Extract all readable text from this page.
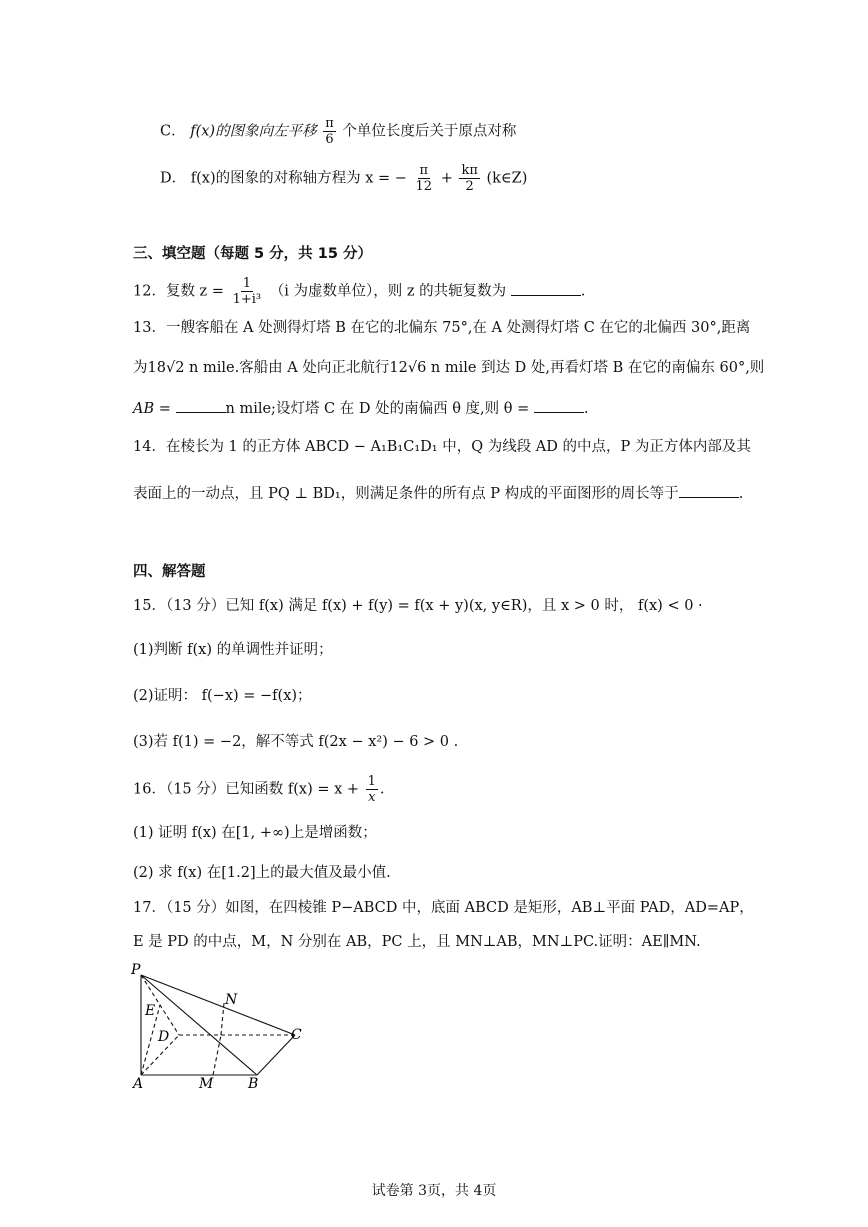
C． f(x)的图象向左平移 $\frac{\pi}{6}$ 个单位长度后关于原点对称
D． f(x)的图象的对称轴方程为 x = − $\frac{\pi}{12} + \frac{k\pi}{2}$ (k∈Z)
三、填空题（每题 5 分，共 15 分）
12．复数 $z = \frac{1}{\text{1+i³}} (i$ 为虚数单位），则 z 的共轭复数为	.
13．一艘客船在 A 处测得灯塔 B 在它的北偏东 75°,在 A 处测得灯塔 C 在它的北偏西 30°,距离
为18√2 n mile.客船由 A 处向正北航行12√6 n mile 到达 D 处,再看灯塔 B 在它的南偏东 60°,则
AB =	n mile;设灯塔 C 在 D 处的南偏西 θ 度,则 θ =	.
14．在棱长为 1 的正方体 ABCD − A₁B₁C₁D₁ 中，Q 为线段 AD 的中点，P 为正方体内部及其
表面上的一动点，且 PQ ⊥ BD₁，则满足条件的所有点 P 构成的平面图形的周长等于	.
四、解答题
15．（13 分）已知 f(x) 满足 f(x) + f(y) = f(x + y)(x, y∈R)，且 x > 0 时， f(x) < 0 ·
(1)判断 f(x) 的单调性并证明；
(2)证明： f(−x) = −f(x)；
(3)若 f(1) = −2，解不等式 f(2x − x²) − 6 > 0 .
16．（15 分）已知函数 $f(x) = x + \frac{1}{x}$ .
(1) 证明 f(x) 在[1, +∞)上是增函数；
(2) 求 f(x) 在[1.2]上的最大值及最小值.
17．（15 分）如图，在四棱锥 P−ABCD 中，底面 ABCD 是矩形，AB⊥平面 PAD，AD=AP，
E 是 PD 的中点，M，N 分别在 AB，PC 上，且 MN⊥AB，MN⊥PC.证明：AE∥MN.
P
E
D
A	M B
N
C
试卷第 3页，共 4页
